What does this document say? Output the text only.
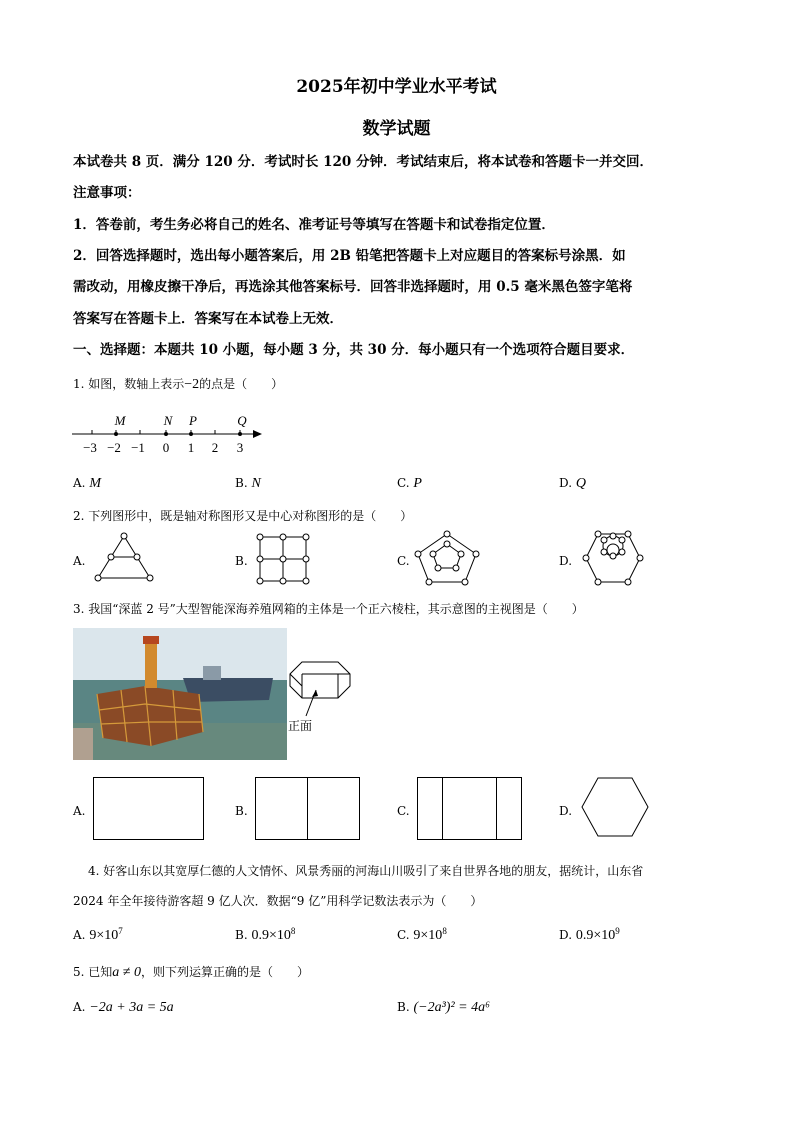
2025年初中学业水平考试
数学试题
本试卷共 8 页．满分 120 分．考试时长 120 分钟．考试结束后，将本试卷和答题卡一并交回．
注意事项：
1．答卷前，考生务必将自己的姓名、准考证号等填写在答题卡和试卷指定位置．
2．回答选择题时，选出每小题答案后，用 2B 铅笔把答题卡上对应题目的答案标号涂黑．如
需改动，用橡皮擦干净后，再选涂其他答案标号．回答非选择题时，用 0.5 毫米黑色签字笔将
答案写在答题卡上．答案写在本试卷上无效．
一、选择题：本题共 10 小题，每小题 3 分，共 30 分．每小题只有一个选项符合题目要求．
1. 如图，数轴上表示−2的点是（　　）
M	N P	Q
−3 −2 −1 0 1 2 3
A. M	B. N	C. P	D. Q
2. 下列图形中，既是轴对称图形又是中心对称图形的是（　　）
A.	B.	C.	D.
3. 我国“深蓝 2 号”大型智能深海养殖网箱的主体是一个正六棱柱，其示意图的主视图是（　　）
正面
A.	B.	C.	D.
4. 好客山东以其宽厚仁德的人文情怀、风景秀丽的河海山川吸引了来自世界各地的朋友，据统计，山东省
2024 年全年接待游客超 9 亿人次．数据“9 亿”用科学记数法表示为（　　）
A. $9\times 10^7$	B. $0.9\times 10^8$	C. $9\times 10^8$	D. $0.9\times 10^9$
5. 已知a ≠ 0，则下列运算正确的是（　　）
A. −2a + 3a = 5a	B. (−2a³)² = 4a⁶
